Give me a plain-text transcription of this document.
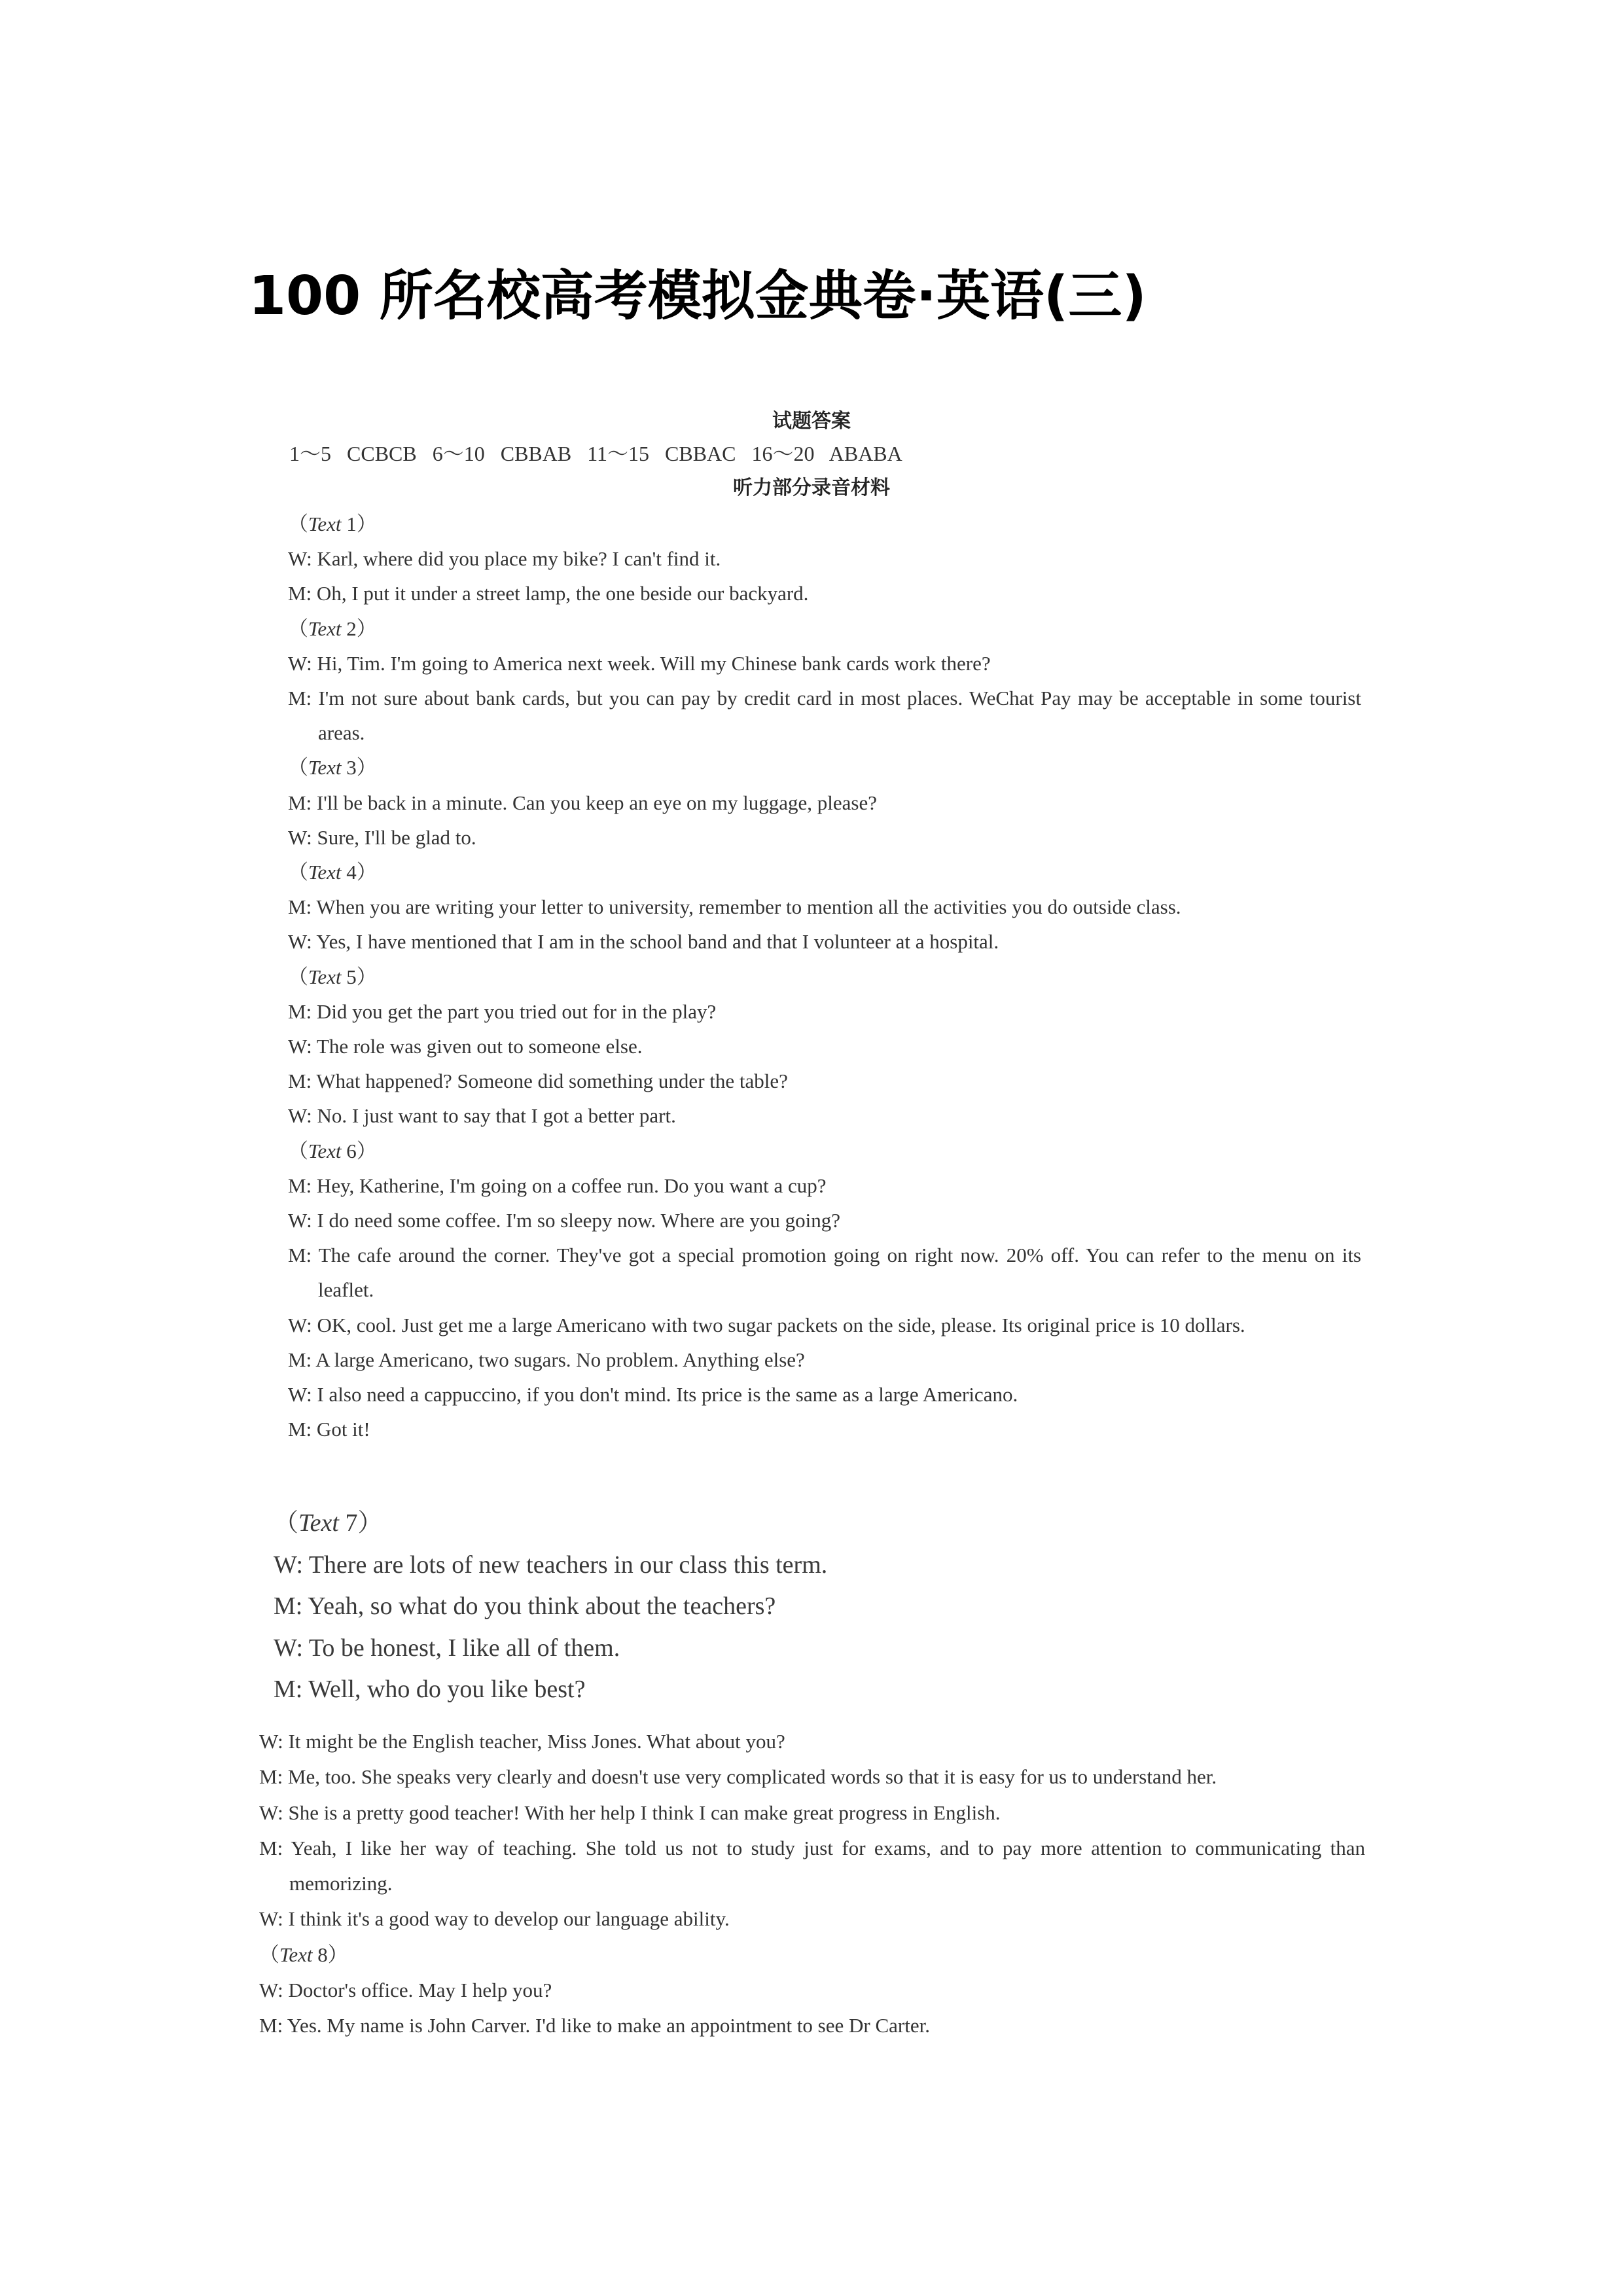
100 所名校高考模拟金典卷·英语(三)
试题答案
1～5   CCBCB   6～10   CBBAB   11～15   CBBAC   16～20   ABABA
听力部分录音材料
（Text 1）
W: Karl, where did you place my bike? I can't find it.
M: Oh, I put it under a street lamp, the one beside our backyard.
（Text 2）
W: Hi, Tim. I'm going to America next week. Will my Chinese bank cards work there?
M: I'm not sure about bank cards, but you can pay by credit card in most places. WeChat Pay may be acceptable in some tourist areas.
（Text 3）
M: I'll be back in a minute. Can you keep an eye on my luggage, please?
W: Sure, I'll be glad to.
（Text 4）
M: When you are writing your letter to university, remember to mention all the activities you do outside class.
W: Yes, I have mentioned that I am in the school band and that I volunteer at a hospital.
（Text 5）
M: Did you get the part you tried out for in the play?
W: The role was given out to someone else.
M: What happened? Someone did something under the table?
W: No. I just want to say that I got a better part.
（Text 6）
M: Hey, Katherine, I'm going on a coffee run. Do you want a cup?
W: I do need some coffee. I'm so sleepy now. Where are you going?
M: The cafe around the corner. They've got a special promotion going on right now. 20% off. You can refer to the menu on its leaflet.
W: OK, cool. Just get me a large Americano with two sugar packets on the side, please. Its original price is 10 dollars.
M: A large Americano, two sugars. No problem. Anything else?
W: I also need a cappuccino, if you don't mind. Its price is the same as a large Americano.
M: Got it!
（Text 7）
W: There are lots of new teachers in our class this term.
M: Yeah, so what do you think about the teachers?
W: To be honest, I like all of them.
M: Well, who do you like best?
W: It might be the English teacher, Miss Jones. What about you?
M: Me, too. She speaks very clearly and doesn't use very complicated words so that it is easy for us to understand her.
W: She is a pretty good teacher! With her help I think I can make great progress in English.
M: Yeah, I like her way of teaching. She told us not to study just for exams, and to pay more attention to communicating than memorizing.
W: I think it's a good way to develop our language ability.
（Text 8）
W: Doctor's office. May I help you?
M: Yes. My name is John Carver. I'd like to make an appointment to see Dr Carter.
